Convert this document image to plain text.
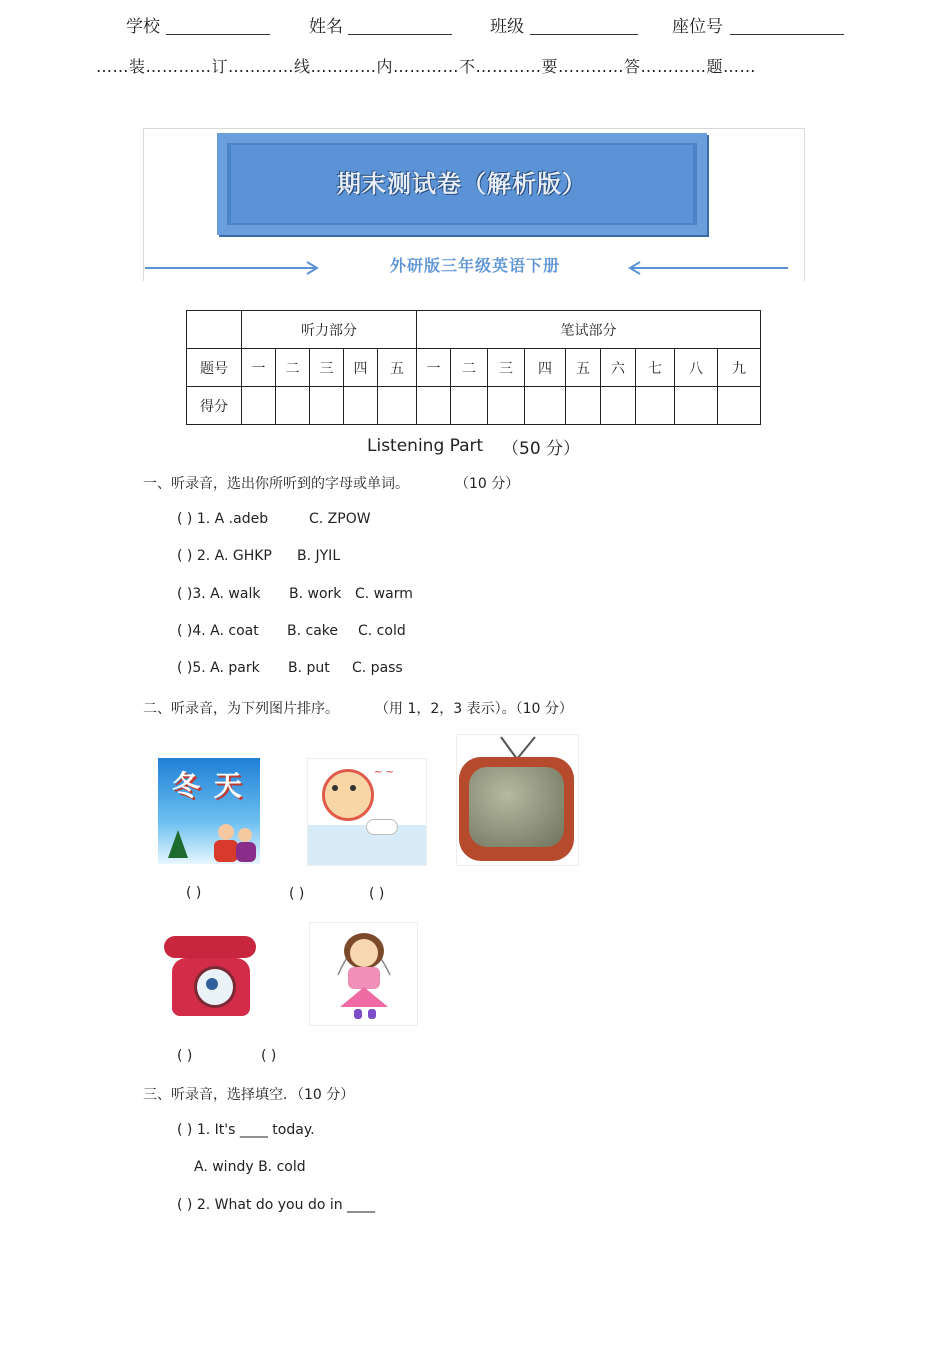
学校	姓名	班级	座位号
……装…………订…………线…………内…………不…………要…………答…………题……
期末测试卷（解析版）
外研版三年级英语下册
	听力部分					笔试部分								
题号	一	二	三	四	五	一	二	三	四	五	六	七	八	九
得分														
Listening Part （50 分）
一、听录音，选出你所听到的字母或单词。	（10 分）
( ) 1. A .adeb	C. ZPOW
( ) 2. A. GHKP B. JYIL
( )3. A. walk B. work C. warm
( )4. A. coat B. cake C. cold
( )5. A. park B. put C. pass
二、听录音，为下列图片排序。	（用 1，2，3 表示）。（10 分）
冬 天	~ ~
( )	( )	( )
( )	( )
三、听录音，选择填空．（10 分）
( ) 1. It's ____ today.
A. windy B. cold
( ) 2. What do you do in ____
